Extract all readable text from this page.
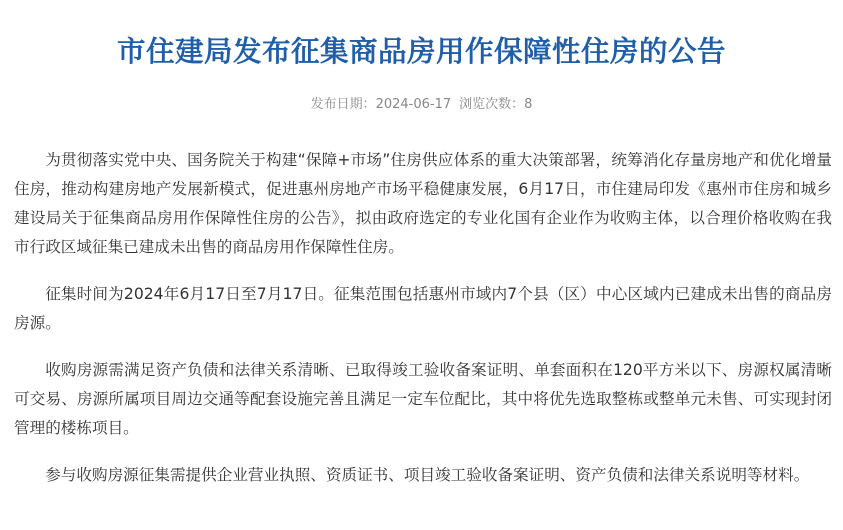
市住建局发布征集商品房用作保障性住房的公告
发布日期：2024-06-17 浏览次数：8

为贯彻落实党中央、国务院关于构建“保障+市场”住房供应体系的重大决策部署，统筹消化存量房地产和优化增量住房，推动构建房地产发展新模式，促进惠州房地产市场平稳健康发展，6月17日，市住建局印发《惠州市住房和城乡建设局关于征集商品房用作保障性住房的公告》，拟由政府选定的专业化国有企业作为收购主体，以合理价格收购在我市行政区域征集已建成未出售的商品房用作保障性住房。

征集时间为2024年6月17日至7月17日。征集范围包括惠州市域内7个县（区）中心区域内已建成未出售的商品房房源。

收购房源需满足资产负债和法律关系清晰、已取得竣工验收备案证明、单套面积在120平方米以下、房源权属清晰可交易、房源所属项目周边交通等配套设施完善且满足一定车位配比，其中将优先选取整栋或整单元未售、可实现封闭管理的楼栋项目。

参与收购房源征集需提供企业营业执照、资质证书、项目竣工验收备案证明、资产负债和法律关系说明等材料。
